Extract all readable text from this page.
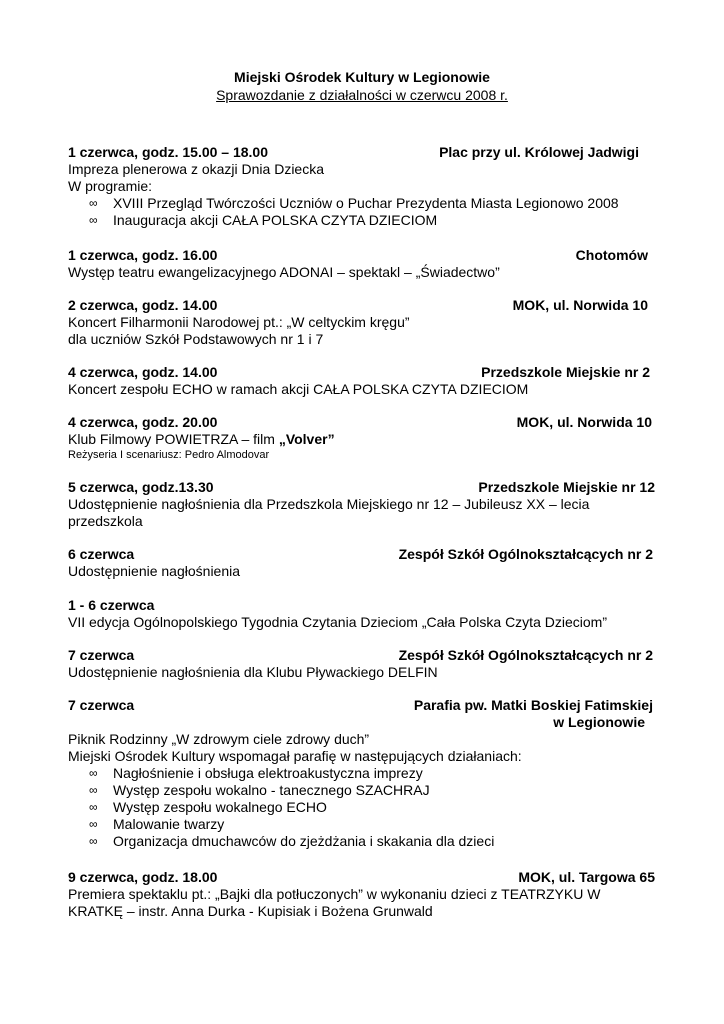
Miejski Ośrodek Kultury w Legionowie
Sprawozdanie z działalności w czerwcu 2008 r.
1 czerwca, godz. 15.00 – 18.00	Plac przy ul. Królowej Jadwigi
Impreza plenerowa z okazji Dnia Dziecka
W programie:
∞ XVIII Przegląd Twórczości Uczniów o Puchar Prezydenta Miasta Legionowo 2008
∞ Inauguracja akcji CAŁA POLSKA CZYTA DZIECIOM
1 czerwca, godz. 16.00	Chotomów
Występ teatru ewangelizacyjnego ADONAI – spektakl – „Świadectwo”
2 czerwca, godz. 14.00	MOK, ul. Norwida 10
Koncert Filharmonii Narodowej pt.: „W celtyckim kręgu”
dla uczniów Szkół Podstawowych nr 1 i 7
4 czerwca, godz. 14.00	Przedszkole Miejskie nr 2
Koncert zespołu ECHO w ramach akcji CAŁA POLSKA CZYTA DZIECIOM
4 czerwca, godz. 20.00	MOK, ul. Norwida 10
Klub Filmowy POWIETRZA – film „Volver”
Reżyseria I scenariusz: Pedro Almodovar
5 czerwca, godz.13.30	Przedszkole Miejskie nr 12
Udostępnienie nagłośnienia dla Przedszkola Miejskiego nr 12 – Jubileusz XX – lecia
przedszkola
6 czerwca	Zespół Szkół Ogólnokształcących nr 2
Udostępnienie nagłośnienia
1 - 6 czerwca
VII edycja Ogólnopolskiego Tygodnia Czytania Dzieciom „Cała Polska Czyta Dzieciom”
7 czerwca	Zespół Szkół Ogólnokształcących nr 2
Udostępnienie nagłośnienia dla Klubu Pływackiego DELFIN
7 czerwca	Parafia pw. Matki Boskiej Fatimskiej
w Legionowie
Piknik Rodzinny „W zdrowym ciele zdrowy duch”
Miejski Ośrodek Kultury wspomagał parafię w następujących działaniach:
∞ Nagłośnienie i obsługa elektroakustyczna imprezy
∞ Występ zespołu wokalno - tanecznego SZACHRAJ
∞ Występ zespołu wokalnego ECHO
∞ Malowanie twarzy
∞ Organizacja dmuchawców do zjeżdżania i skakania dla dzieci
9 czerwca, godz. 18.00	MOK, ul. Targowa 65
Premiera spektaklu pt.: „Bajki dla potłuczonych” w wykonaniu dzieci z TEATRZYKU W
KRATKĘ – instr. Anna Durka - Kupisiak i Bożena Grunwald
